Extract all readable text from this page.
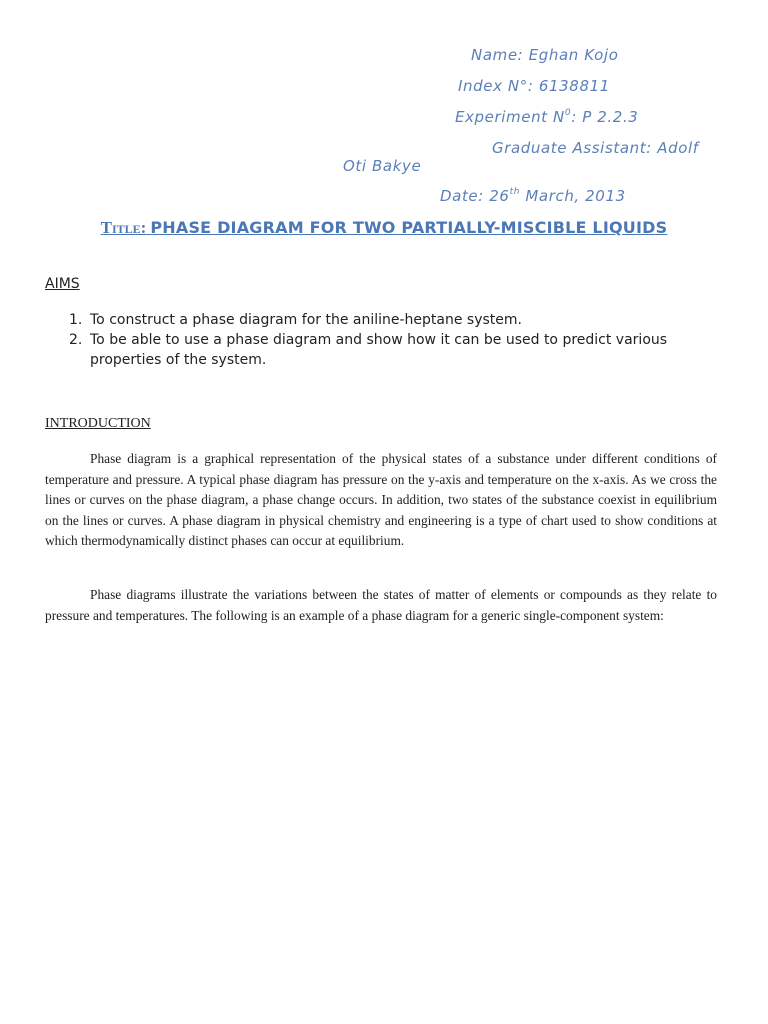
Name: Eghan Kojo
Index N°: 6138811
Experiment $N^0$: P 2.2.3
Graduate Assistant: Adolf
Oti Bakye
Date: 26th March, 2013
Title: PHASE DIAGRAM FOR TWO PARTIALLY-MISCIBLE LIQUIDS
AIMS
1. To construct a phase diagram for the aniline-heptane system.
2. To be able to use a phase diagram and show how it can be used to predict various properties of the system.
INTRODUCTION

Phase diagram is a graphical representation of the physical states of a substance under different conditions of temperature and pressure. A typical phase diagram has pressure on the y-axis and temperature on the x-axis. As we cross the lines or curves on the phase diagram, a phase change occurs. In addition, two states of the substance coexist in equilibrium on the lines or curves. A phase diagram in physical chemistry and engineering is a type of chart used to show conditions at which thermodynamically distinct phases can occur at equilibrium.

Phase diagrams illustrate the variations between the states of matter of elements or compounds as they relate to pressure and temperatures. The following is an example of a phase diagram for a generic single-component system:
